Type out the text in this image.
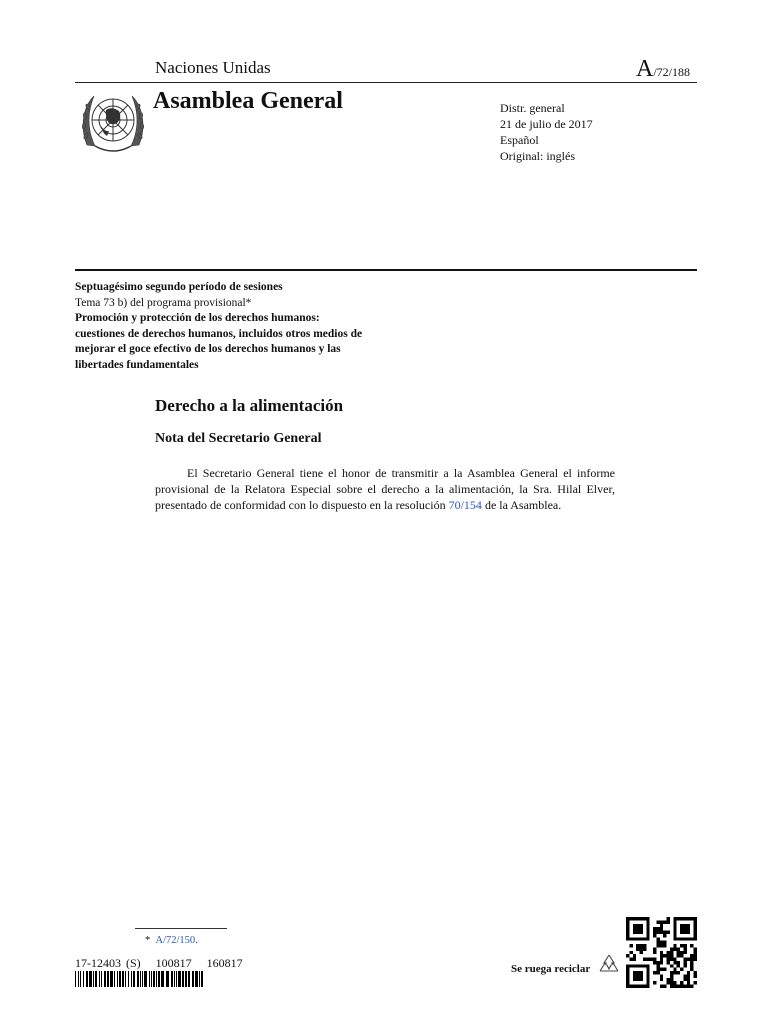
Naciones Unidas	A/72/188
Asamblea General	Distr. general
21 de julio de 2017
Español
Original: inglés
Septuagésimo segundo período de sesiones
Tema 73 b) del programa provisional*
Promoción y protección de los derechos humanos: cuestiones de derechos humanos, incluidos otros medios de mejorar el goce efectivo de los derechos humanos y las libertades fundamentales
Derecho a la alimentación
Nota del Secretario General
El Secretario General tiene el honor de transmitir a la Asamblea General el informe provisional de la Relatora Especial sobre el derecho a la alimentación, la Sra. Hilal Elver, presentado de conformidad con lo dispuesto en la resolución 70/154 de la Asamblea.
* A/72/150.
17-12403 (S) 100817 160817	Se ruega reciclar
